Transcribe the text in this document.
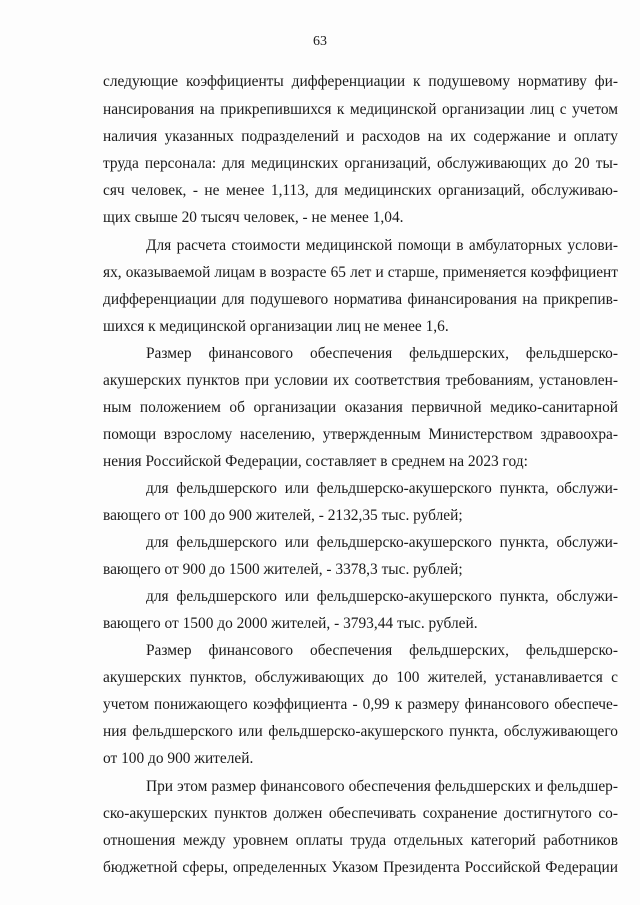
63
следующие коэффициенты дифференциации к подушевому нормативу фи-
нансирования на прикрепившихся к медицинской организации лиц с учетом
наличия указанных подразделений и расходов на их содержание и оплату
труда персонала: для медицинских организаций, обслуживающих до 20 ты-
сяч человек, - не менее 1,113, для медицинских организаций, обслуживаю-
щих свыше 20 тысяч человек, - не менее 1,04.
Для расчета стоимости медицинской помощи в амбулаторных услови-
ях, оказываемой лицам в возрасте 65 лет и старше, применяется коэффициент
дифференциации для подушевого норматива финансирования на прикрепив-
шихся к медицинской организации лиц не менее 1,6.
Размер финансового обеспечения фельдшерских, фельдшерско-
акушерских пунктов при условии их соответствия требованиям, установлен-
ным положением об организации оказания первичной медико-санитарной
помощи взрослому населению, утвержденным Министерством здравоохра-
нения Российской Федерации, составляет в среднем на 2023 год:
для фельдшерского или фельдшерско-акушерского пункта, обслужи-
вающего от 100 до 900 жителей, - 2132,35 тыс. рублей;
для фельдшерского или фельдшерско-акушерского пункта, обслужи-
вающего от 900 до 1500 жителей, - 3378,3 тыс. рублей;
для фельдшерского или фельдшерско-акушерского пункта, обслужи-
вающего от 1500 до 2000 жителей, - 3793,44 тыс. рублей.
Размер финансового обеспечения фельдшерских, фельдшерско-
акушерских пунктов, обслуживающих до 100 жителей, устанавливается с
учетом понижающего коэффициента - 0,99 к размеру финансового обеспече-
ния фельдшерского или фельдшерско-акушерского пункта, обслуживающего
от 100 до 900 жителей.
При этом размер финансового обеспечения фельдшерских и фельдшер-
ско-акушерских пунктов должен обеспечивать сохранение достигнутого со-
отношения между уровнем оплаты труда отдельных категорий работников
бюджетной сферы, определенных Указом Президента Российской Федерации
